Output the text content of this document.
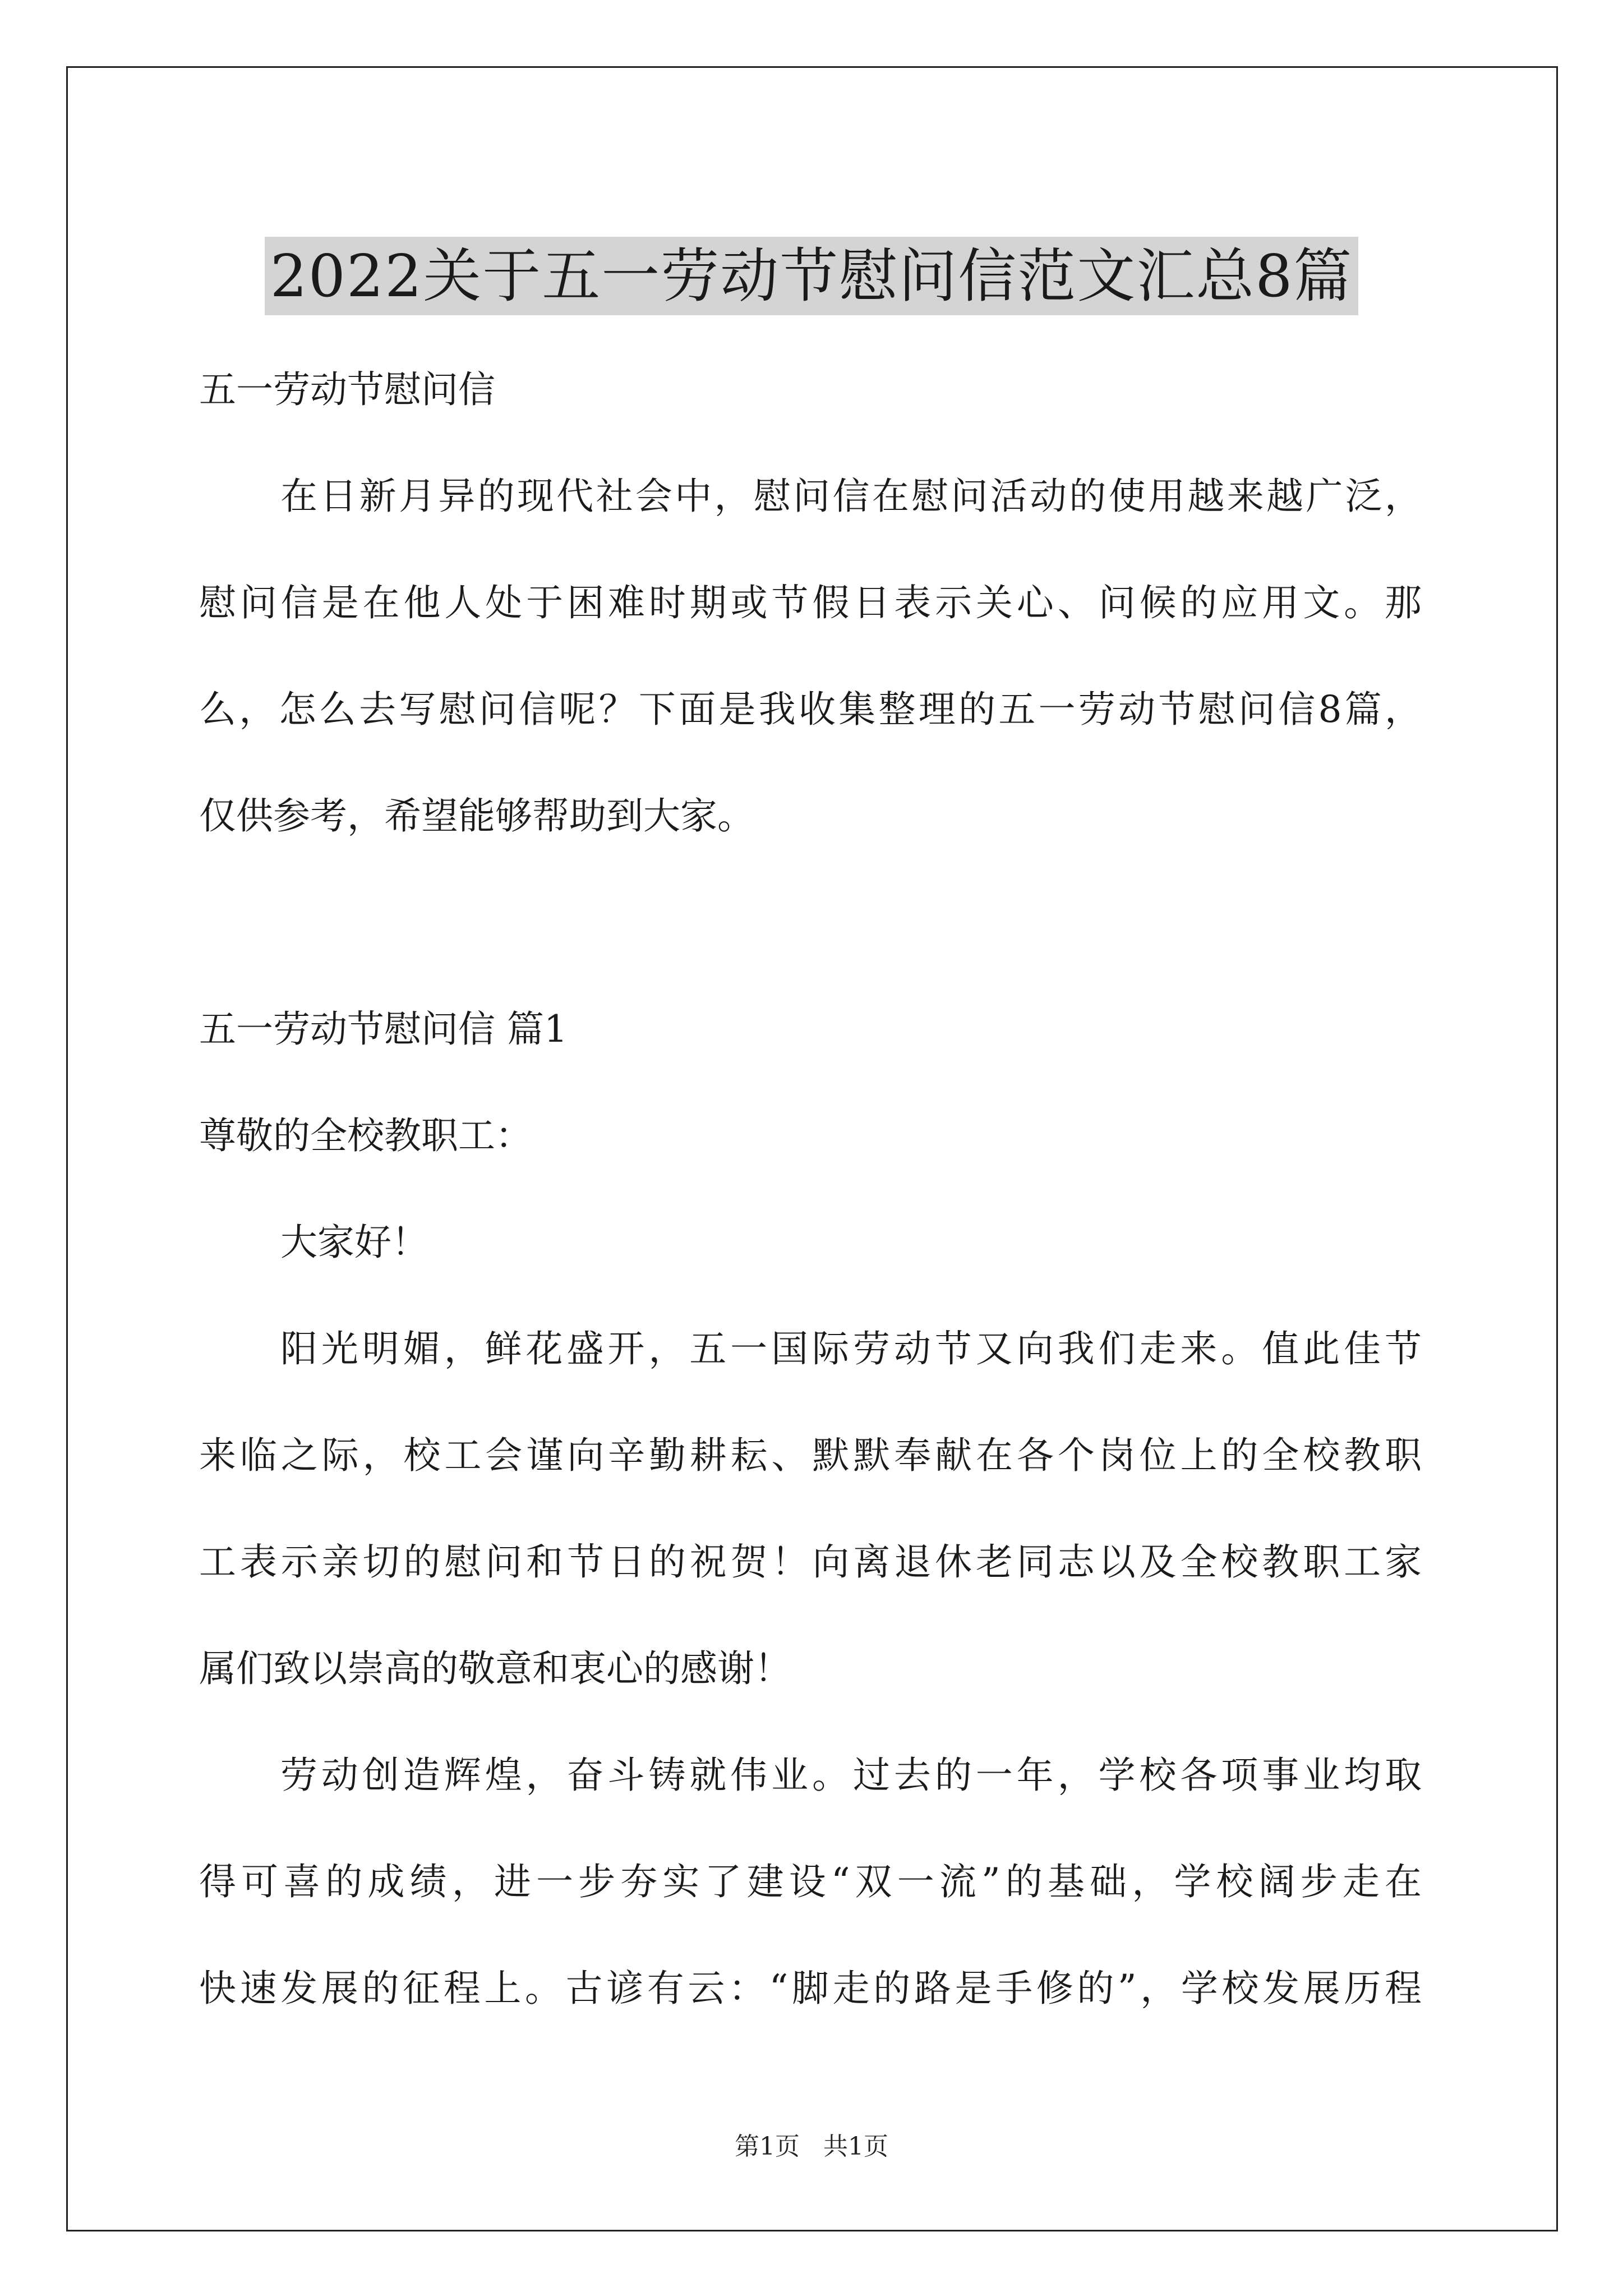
2022关于五一劳动节慰问信范文汇总8篇

五一劳动节慰问信

在日新月异的现代社会中，慰问信在慰问活动的使用越来越广泛，

慰问信是在他人处于困难时期或节假日表示关心、问候的应用文。那

么，怎么去写慰问信呢？下面是我收集整理的五一劳动节慰问信8篇，

仅供参考，希望能够帮助到大家。

五一劳动节慰问信 篇1

尊敬的全校教职工：

大家好！

阳光明媚，鲜花盛开，五一国际劳动节又向我们走来。值此佳节

来临之际，校工会谨向辛勤耕耘、默默奉献在各个岗位上的全校教职

工表示亲切的慰问和节日的祝贺！向离退休老同志以及全校教职工家

属们致以崇高的敬意和衷心的感谢！

劳动创造辉煌，奋斗铸就伟业。过去的一年，学校各项事业均取

得可喜的成绩，进一步夯实了建设“双一流”的基础，学校阔步走在

快速发展的征程上。古谚有云：“脚走的路是手修的”，学校发展历程

第1页 共1页
